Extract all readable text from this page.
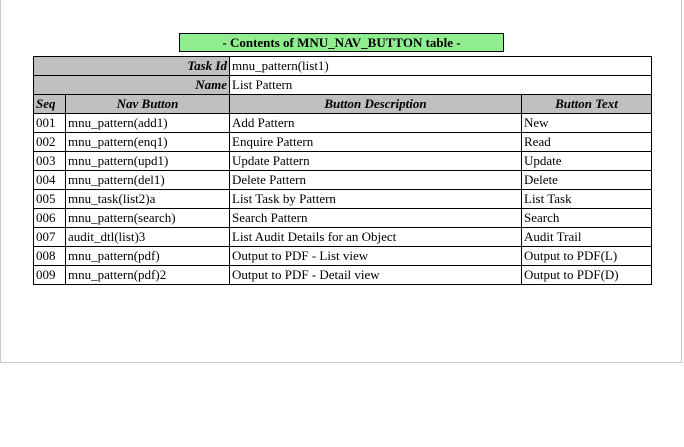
- Contents of MNU_NAV_BUTTON table -
Task Id		mnu_pattern(list1)	
Name		List Pattern	
Seq	Nav Button	Button Description	Button Text
001	mnu_pattern(add1)	Add Pattern	New
002	mnu_pattern(enq1)	Enquire Pattern	Read
003	mnu_pattern(upd1)	Update Pattern	Update
004	mnu_pattern(del1)	Delete Pattern	Delete
005	mnu_task(list2)a	List Task by Pattern	List Task
006	mnu_pattern(search)	Search Pattern	Search
007	audit_dtl(list)3	List Audit Details for an Object	Audit Trail
008	mnu_pattern(pdf)	Output to PDF - List view	Output to PDF(L)
009	mnu_pattern(pdf)2	Output to PDF - Detail view	Output to PDF(D)
